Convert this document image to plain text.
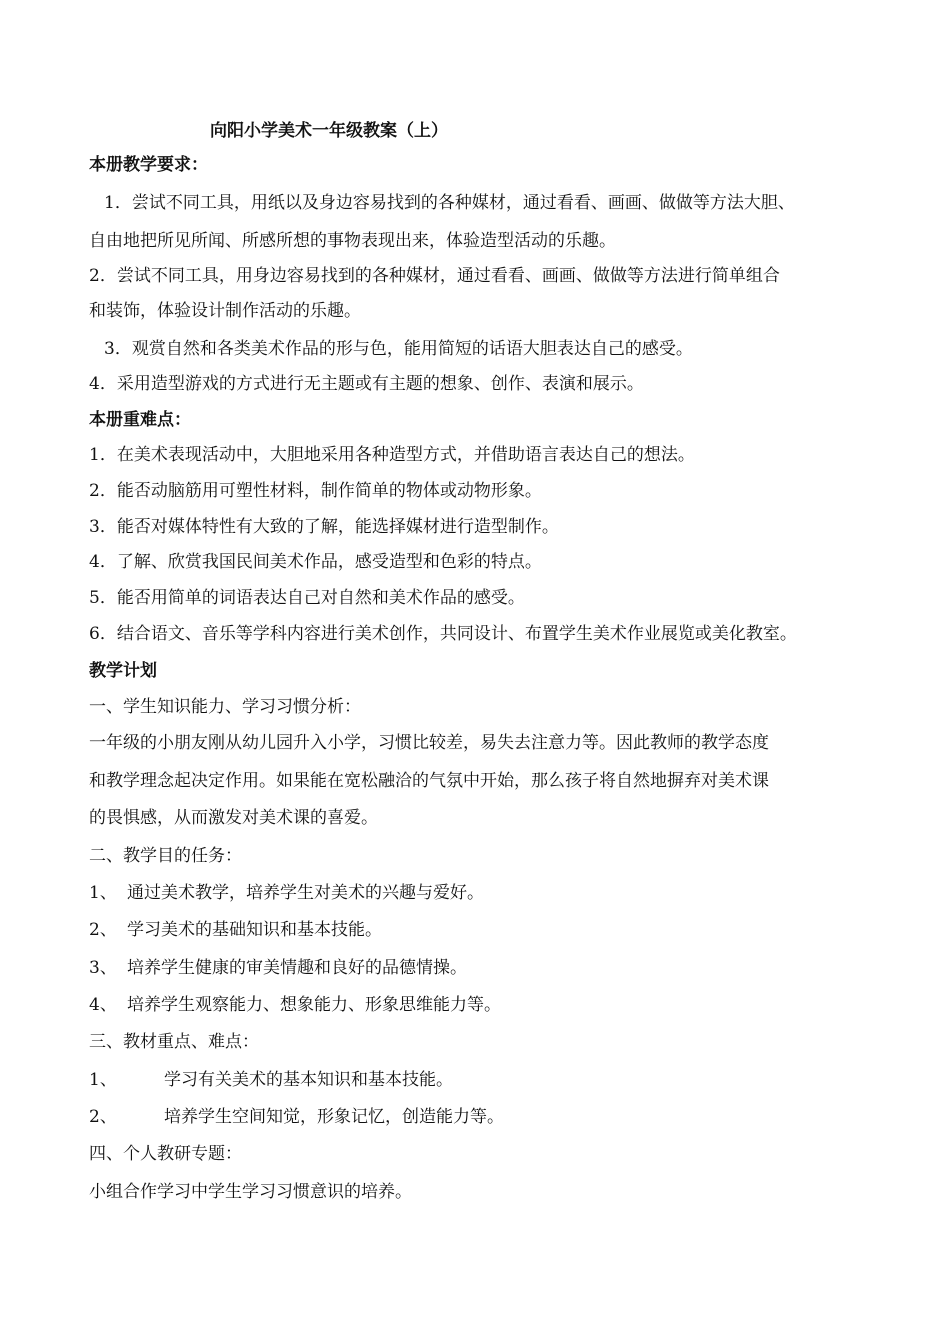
向阳小学美术一年级教案（上）
本册教学要求：
1．尝试不同工具，用纸以及身边容易找到的各种媒材，通过看看、画画、做做等方法大胆、
自由地把所见所闻、所感所想的事物表现出来，体验造型活动的乐趣。
2．尝试不同工具，用身边容易找到的各种媒材，通过看看、画画、做做等方法进行简单组合
和装饰，体验设计制作活动的乐趣。
3．观赏自然和各类美术作品的形与色，能用简短的话语大胆表达自己的感受。
4．采用造型游戏的方式进行无主题或有主题的想象、创作、表演和展示。
本册重难点：
1．在美术表现活动中，大胆地采用各种造型方式，并借助语言表达自己的想法。
2．能否动脑筋用可塑性材料，制作简单的物体或动物形象。
3．能否对媒体特性有大致的了解，能选择媒材进行造型制作。
4．了解、欣赏我国民间美术作品，感受造型和色彩的特点。
5．能否用简单的词语表达自己对自然和美术作品的感受。
6．结合语文、音乐等学科内容进行美术创作，共同设计、布置学生美术作业展览或美化教室。
教学计划
一、学生知识能力、学习习惯分析：
一年级的小朋友刚从幼儿园升入小学，习惯比较差，易失去注意力等。因此教师的教学态度
和教学理念起决定作用。如果能在宽松融洽的气氛中开始，那么孩子将自然地摒弃对美术课
的畏惧感，从而激发对美术课的喜爱。
二、教学目的任务：
1、 通过美术教学，培养学生对美术的兴趣与爱好。
2、 学习美术的基础知识和基本技能。
3、 培养学生健康的审美情趣和良好的品德情操。
4、 培养学生观察能力、想象能力、形象思维能力等。
三、教材重点、难点：
1、	学习有关美术的基本知识和基本技能。
2、	培养学生空间知觉，形象记忆，创造能力等。
四、个人教研专题：
小组合作学习中学生学习习惯意识的培养。
